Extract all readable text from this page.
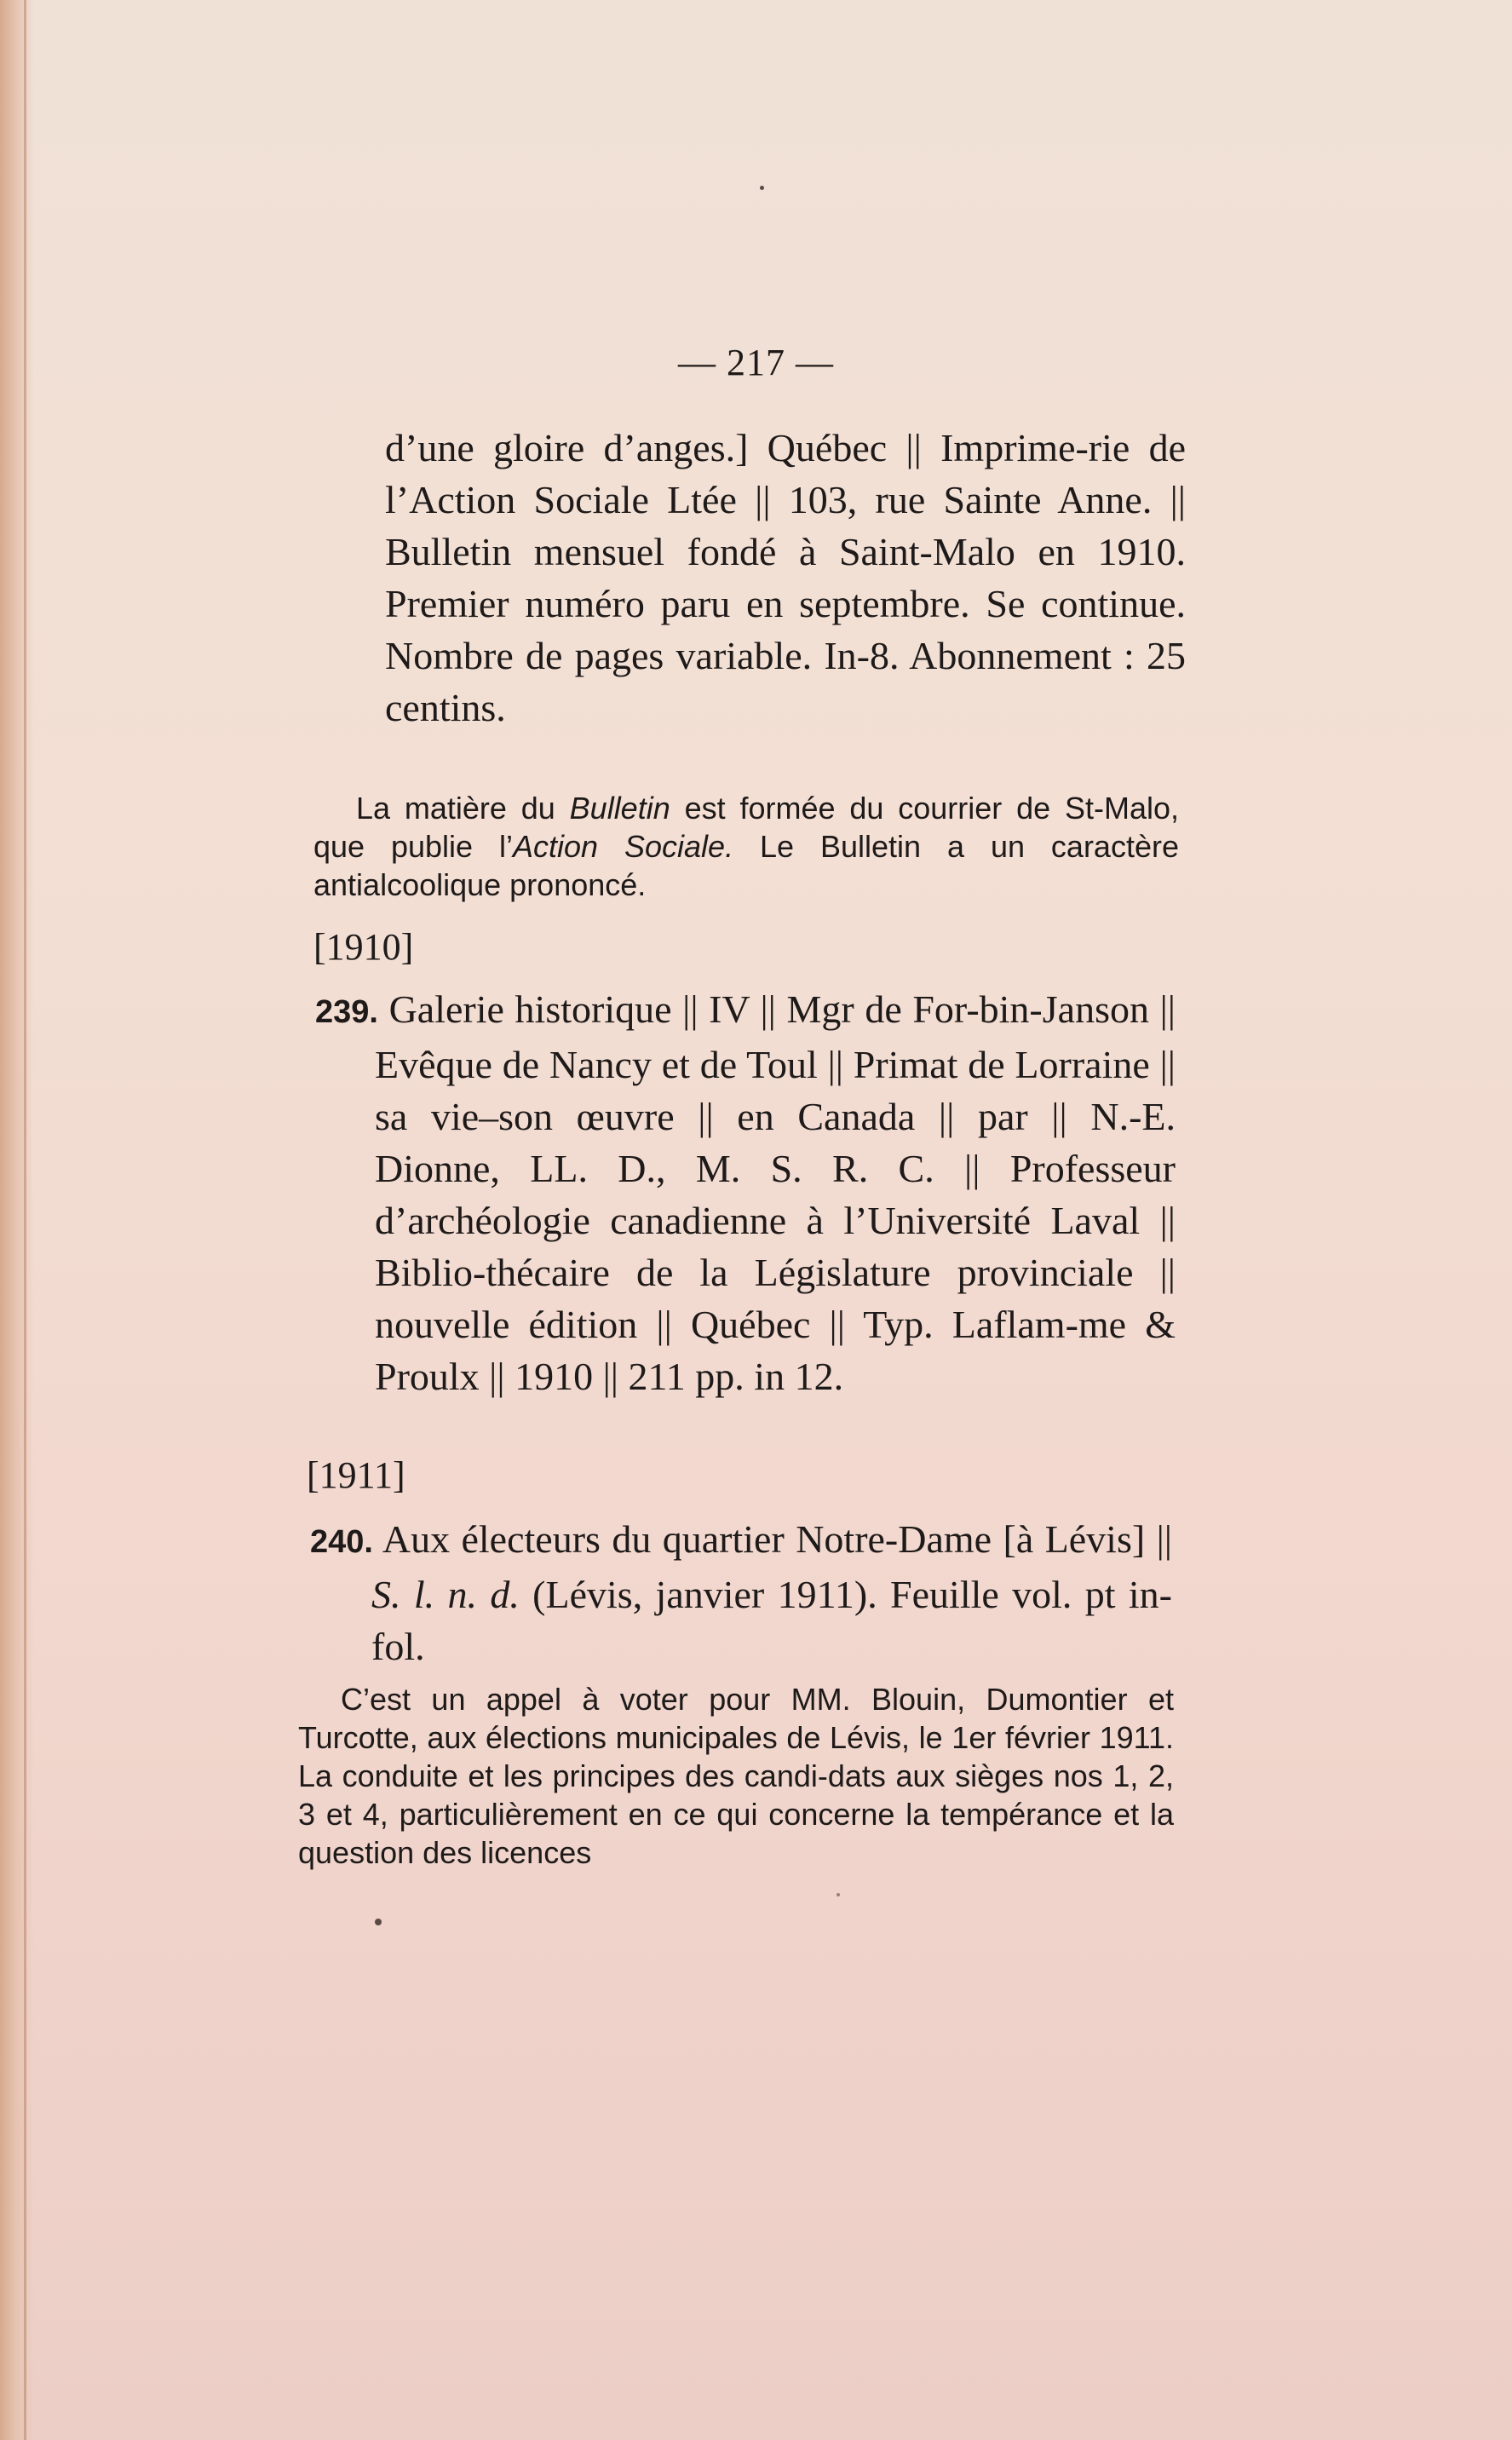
— 217 —

d’une gloire d’anges.] Québec || Imprime-rie de l’Action Sociale Ltée || 103, rue Sainte Anne. || Bulletin mensuel fondé à Saint-Malo en 1910. Premier numéro paru en septembre. Se continue. Nombre de pages variable. In-8. Abonnement : 25 centins.

La matière du Bulletin est formée du courrier de St-Malo, que publie l’Action Sociale. Le Bulletin a un caractère antialcoolique prononcé.

[1910]

239. Galerie historique || IV || Mgr de For-bin-Janson || Evêque de Nancy et de Toul || Primat de Lorraine || sa vie–son œuvre || en Canada || par || N.-E. Dionne, LL. D., M. S. R. C. || Professeur d’archéologie canadienne à l’Université Laval || Biblio-thécaire de la Législature provinciale || nouvelle édition || Québec || Typ. Laflam-me & Proulx || 1910 || 211 pp. in 12.

[1911]

240. Aux électeurs du quartier Notre-Dame [à Lévis] || S. l. n. d. (Lévis, janvier 1911). Feuille vol. pt in-fol.

C’est un appel à voter pour MM. Blouin, Dumontier et Turcotte, aux élections municipales de Lévis, le 1er février 1911. La conduite et les principes des candi-dats aux sièges nos 1, 2, 3 et 4, particulièrement en ce qui concerne la tempérance et la question des licences
